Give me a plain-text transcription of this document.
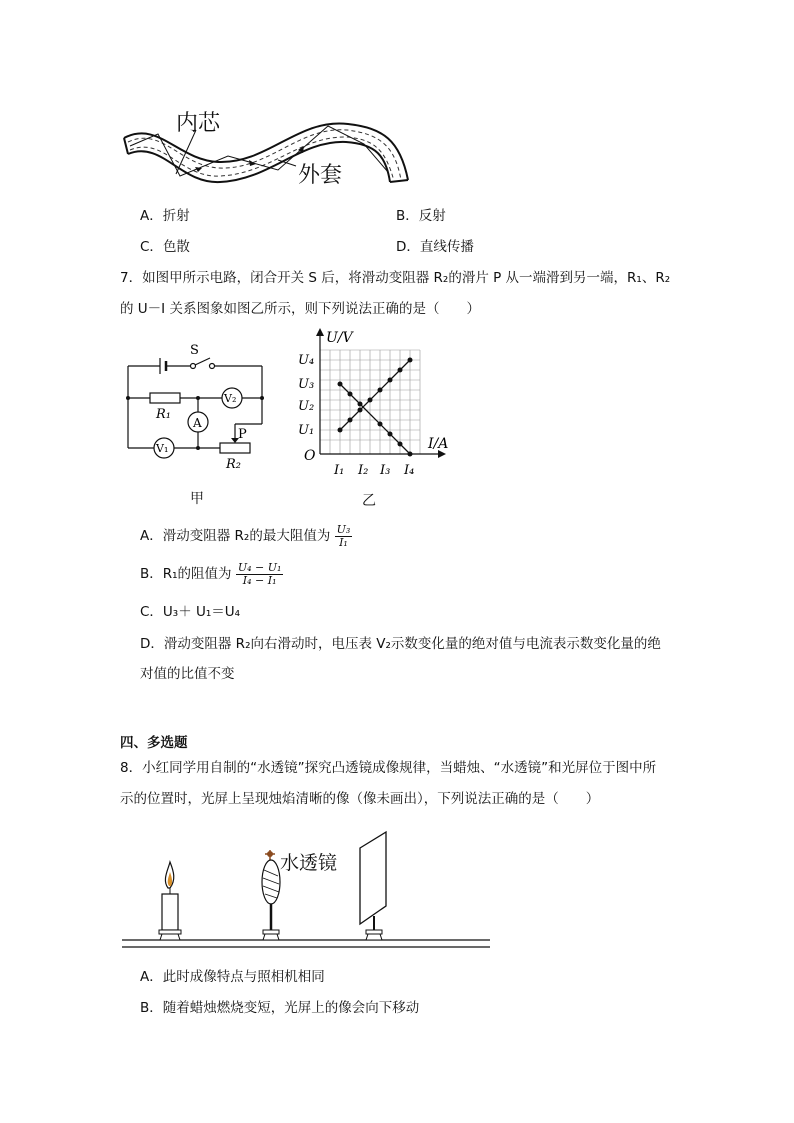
内芯
外套
A．折射	B．反射
C．色散	D．直线传播
7．如图甲所示电路，闭合开关 S 后，将滑动变阻器 R₂的滑片 P 从一端滑到另一端，R₁、R₂
的 U－I 关系图象如图乙所示，则下列说法正确的是（　　）
S
R₁
A
V₂
V₁
P
R₂
甲
U/V
I/A
O
U₄
U₃
U₂
U₁
I₁ I₂ I₃ I₄
乙
A．滑动变阻器 R₂的最大阻值为 $\frac{\text{U₃}}{\text{I₁}}$
B．R₁的阻值为 $\frac{\text{U₄ − U₁}}{\text{I₄ − I₁}}$
C．U₃＋ U₁＝U₄
D．滑动变阻器 R₂向右滑动时，电压表 V₂示数变化量的绝对值与电流表示数变化量的绝
对值的比值不变
四、多选题
8．小红同学用自制的“水透镜”探究凸透镜成像规律，当蜡烛、“水透镜”和光屏位于图中所
示的位置时，光屏上呈现烛焰清晰的像（像未画出），下列说法正确的是（　　）
水透镜
A．此时成像特点与照相机相同
B．随着蜡烛燃烧变短，光屏上的像会向下移动
